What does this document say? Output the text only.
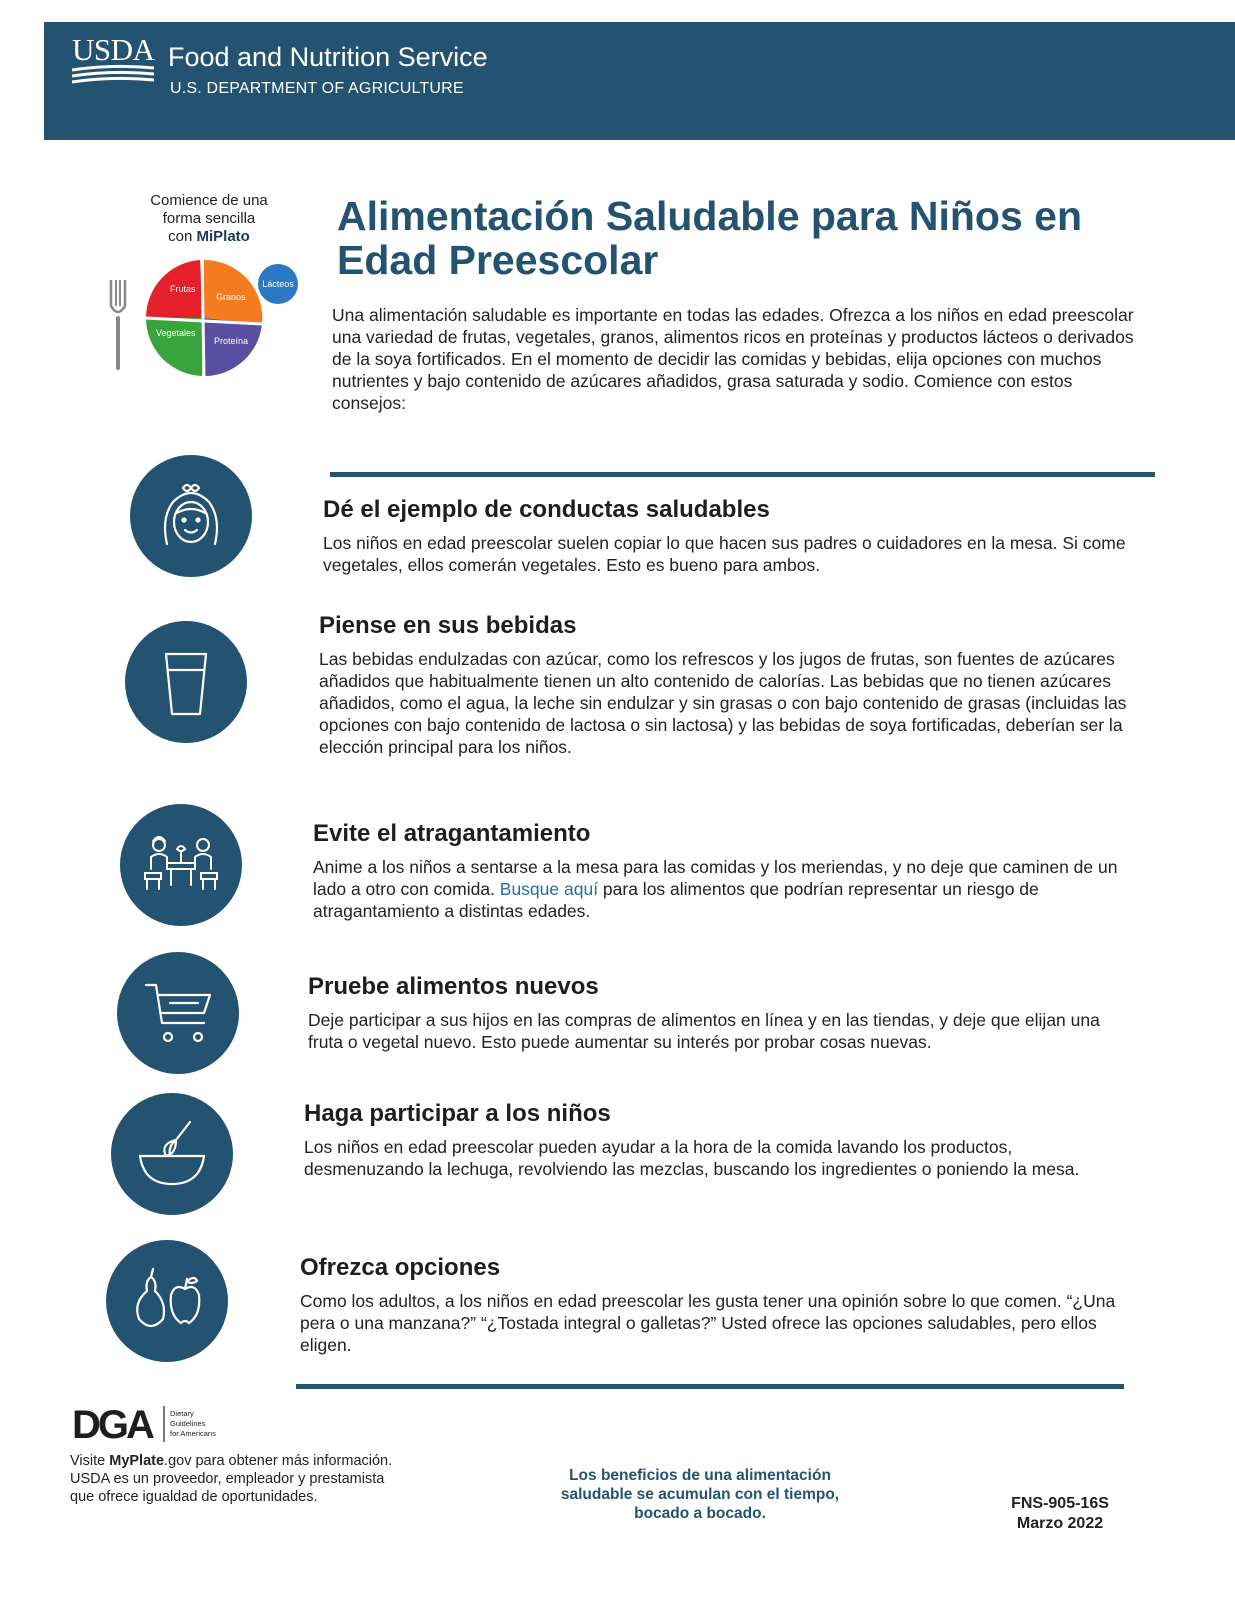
USDA Food and Nutrition Service
U.S. DEPARTMENT OF AGRICULTURE
Comience de una
forma sencilla
con MiPlato
Frutas
Granos
Vegetales
Proteína
Lácteos
Alimentación Saludable para Niños en Edad Preescolar
Una alimentación saludable es importante en todas las edades. Ofrezca a los niños en edad preescolar una variedad de frutas, vegetales, granos, alimentos ricos en proteínas y productos lácteos o derivados de la soya fortificados. En el momento de decidir las comidas y bebidas, elija opciones con muchos nutrientes y bajo contenido de azúcares añadidos, grasa saturada y sodio. Comience con estos consejos:
Dé el ejemplo de conductas saludables

Los niños en edad preescolar suelen copiar lo que hacen sus padres o cuidadores en la mesa. Si come vegetales, ellos comerán vegetales. Esto es bueno para ambos.

Piense en sus bebidas

Las bebidas endulzadas con azúcar, como los refrescos y los jugos de frutas, son fuentes de azúcares añadidos que habitualmente tienen un alto contenido de calorías. Las bebidas que no tienen azúcares añadidos, como el agua, la leche sin endulzar y sin grasas o con bajo contenido de grasas (incluidas las opciones con bajo contenido de lactosa o sin lactosa) y las bebidas de soya fortificadas, deberían ser la elección principal para los niños.

Evite el atragantamiento

Anime a los niños a sentarse a la mesa para las comidas y los meriendas, y no deje que caminen de un lado a otro con comida. Busque aquí para los alimentos que podrían representar un riesgo de atragantamiento a distintas edades.

Pruebe alimentos nuevos

Deje participar a sus hijos en las compras de alimentos en línea y en las tiendas, y deje que elijan una fruta o vegetal nuevo. Esto puede aumentar su interés por probar cosas nuevas.

Haga participar a los niños

Los niños en edad preescolar pueden ayudar a la hora de la comida lavando los productos, desmenuzando la lechuga, revolviendo las mezclas, buscando los ingredientes o poniendo la mesa.

Ofrezca opciones

Como los adultos, a los niños en edad preescolar les gusta tener una opinión sobre lo que comen. “¿Una pera o una manzana?” “¿Tostada integral o galletas?” Usted ofrece las opciones saludables, pero ellos eligen.

DGA Dietary
Guidelines
for Americans
Visite MyPlate.gov para obtener más información.
USDA es un proveedor, empleador y prestamista
que ofrece igualdad de oportunidades.
Los beneficios de una alimentación
saludable se acumulan con el tiempo,
bocado a bocado.
FNS-905-16S
Marzo 2022
